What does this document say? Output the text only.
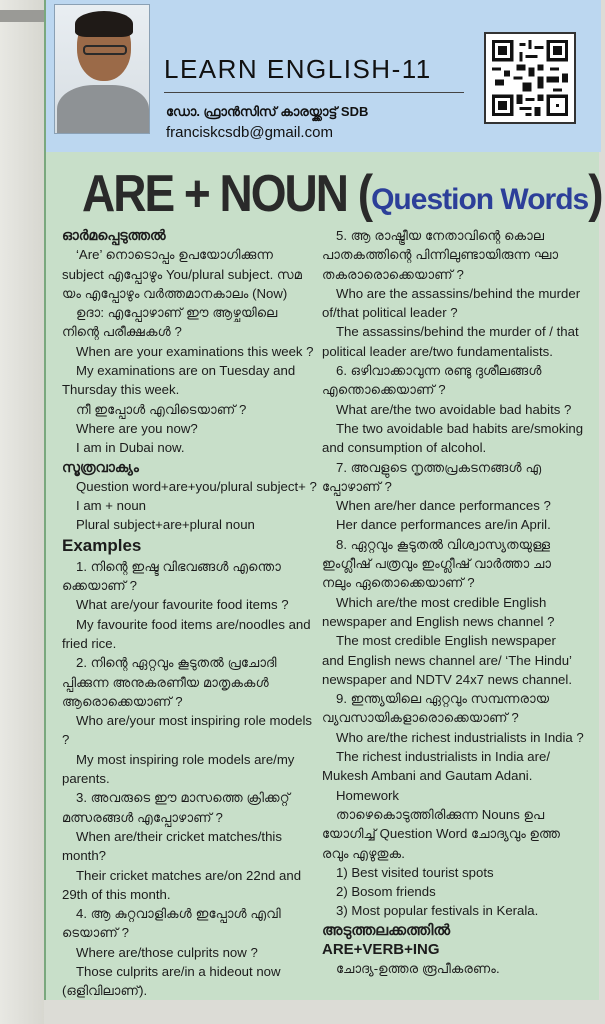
LEARN ENGLISH-11
ഡോ. ഫ്രാൻസിസ് കാരയ്ക്കാട്ട് SDB
franciskcsdb@gmail.com
ARE + NOUN (Question Words)

ഓർമപ്പെടുത്തൽ

‘Are’ നൊടൊപ്പം ഉപയോഗിക്കുന്ന

subject എപ്പോഴും You/plural subject. സമ

യം എപ്പോഴും വർത്തമാനകാലം (Now)

ഉദാ: എപ്പോഴാണ് ഈ ആഴ്ചയിലെ

നിന്റെ പരീക്ഷകൾ ?

When are your examinations this week ?

My examinations are on Tuesday and

Thursday this week.

നീ ഇപ്പോൾ എവിടെയാണ് ?

Where are you now?

I am in Dubai now.

സൂത്രവാക്യം

Question word+are+you/plural subject+ ?

I am + noun

Plural subject+are+plural noun

Examples

1. നിന്റെ ഇഷ്ട വിഭവങ്ങൾ എന്തൊ

ക്കെയാണ് ?

What are/your favourite food items ?

My favourite food items are/noodles and

fried rice.

2. നിന്റെ ഏറ്റവും കൂടുതൽ പ്രചോദി

പ്പിക്കുന്ന അനുകരണീയ മാതൃകകൾ

ആരൊക്കെയാണ് ?

Who are/your most inspiring role models ?

My most inspiring role models are/my

parents.

3. അവരുടെ ഈ മാസത്തെ ക്രിക്കറ്റ്

മത്സരങ്ങൾ എപ്പോഴാണ് ?

When are/their cricket matches/this

month?

Their cricket matches are/on 22nd and

29th of this month.

4. ആ കുറ്റവാളികൾ ഇപ്പോൾ എവി

ടെയാണ് ?

Where are/those culprits now ?

Those culprits are/in a hideout now

(ഒളിവിലാണ്).

5. ആ രാഷ്ട്രീയ നേതാവിന്റെ കൊല

പാതകത്തിന്റെ പിന്നിലുണ്ടായിരുന്ന ഘാ

തകരാരൊക്കെയാണ് ?

Who are the assassins/behind the murder

of/that political leader ?

The assassins/behind the murder of / that

political leader are/two fundamentalists.

6. ഒഴിവാക്കാവുന്ന രണ്ടു ദുശീലങ്ങൾ

എന്തൊക്കെയാണ് ?

What are/the two avoidable bad habits ?

The two avoidable bad habits are/smoking

and consumption of alcohol.

7. അവളുടെ നൃത്തപ്രകടനങ്ങൾ എ

പ്പോഴാണ് ?

When are/her dance performances ?

Her dance performances are/in April.

8. ഏറ്റവും കൂടുതൽ വിശ്വാസ്യതയുള്ള

ഇംഗ്ലീഷ് പത്രവും ഇംഗ്ലീഷ് വാർത്താ ചാ

നലും ഏതൊക്കെയാണ് ?

Which are/the most credible English

newspaper and English news channel ?

The most credible English newspaper

and English news channel are/ ‘The Hindu’

newspaper and NDTV 24x7 news channel.

9. ഇന്ത്യയിലെ ഏറ്റവും സമ്പന്നരായ

വ്യവസായികളാരൊക്കെയാണ് ?

Who are/the richest industrialists in India ?

The richest industrialists in India are/

Mukesh Ambani and Gautam Adani.

Homework

താഴെകൊടുത്തിരിക്കുന്ന Nouns ഉപ

യോഗിച്ച് Question Word ചോദ്യവും ഉത്ത

രവും എഴുതുക.

1) Best visited tourist spots

2) Bosom friends

3) Most popular festivals in Kerala.

അടുത്തലക്കത്തിൽ

ARE+VERB+ING

ചോദ്യ-ഉത്തര രൂപീകരണം.
